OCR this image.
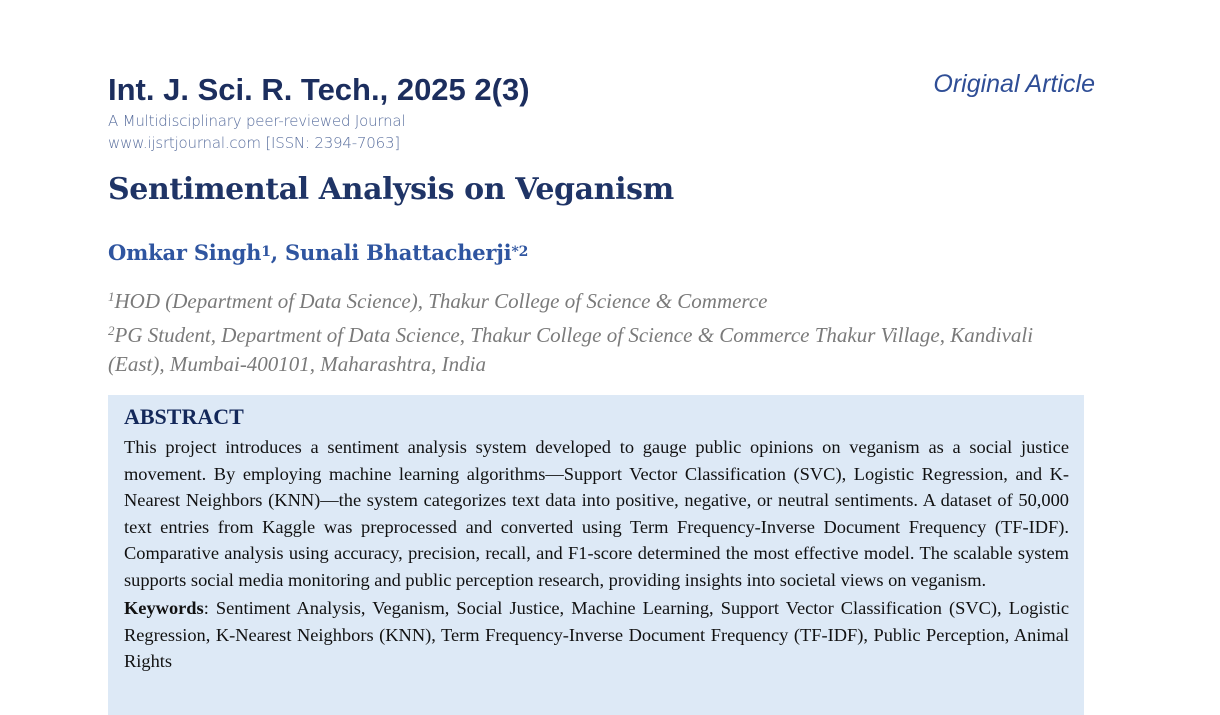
Int. J. Sci. R. Tech., 2025 2(3)	Original Article
A Multidisciplinary peer-reviewed Journal
www.ijsrtjournal.com [ISSN: 2394-7063]
Sentimental Analysis on Veganism
Omkar Singh$^1$, Sunali Bhattacherji$^{*2}$
$^1$HOD (Department of Data Science), Thakur College of Science & Commerce
$^2$PG Student, Department of Data Science, Thakur College of Science & Commerce Thakur Village, Kandivali (East), Mumbai-400101, Maharashtra, India
ABSTRACT

This project introduces a sentiment analysis system developed to gauge public opinions on veganism as a social justice movement. By employing machine learning algorithms—Support Vector Classification (SVC), Logistic Regression, and K-Nearest Neighbors (KNN)—the system categorizes text data into positive, negative, or neutral sentiments. A dataset of 50,000 text entries from Kaggle was preprocessed and converted using Term Frequency-Inverse Document Frequency (TF-IDF). Comparative analysis using accuracy, precision, recall, and F1-score determined the most effective model. The scalable system supports social media monitoring and public perception research, providing insights into societal views on veganism.

Keywords: Sentiment Analysis, Veganism, Social Justice, Machine Learning, Support Vector Classification (SVC), Logistic Regression, K-Nearest Neighbors (KNN), Term Frequency-Inverse Document Frequency (TF-IDF), Public Perception, Animal Rights
